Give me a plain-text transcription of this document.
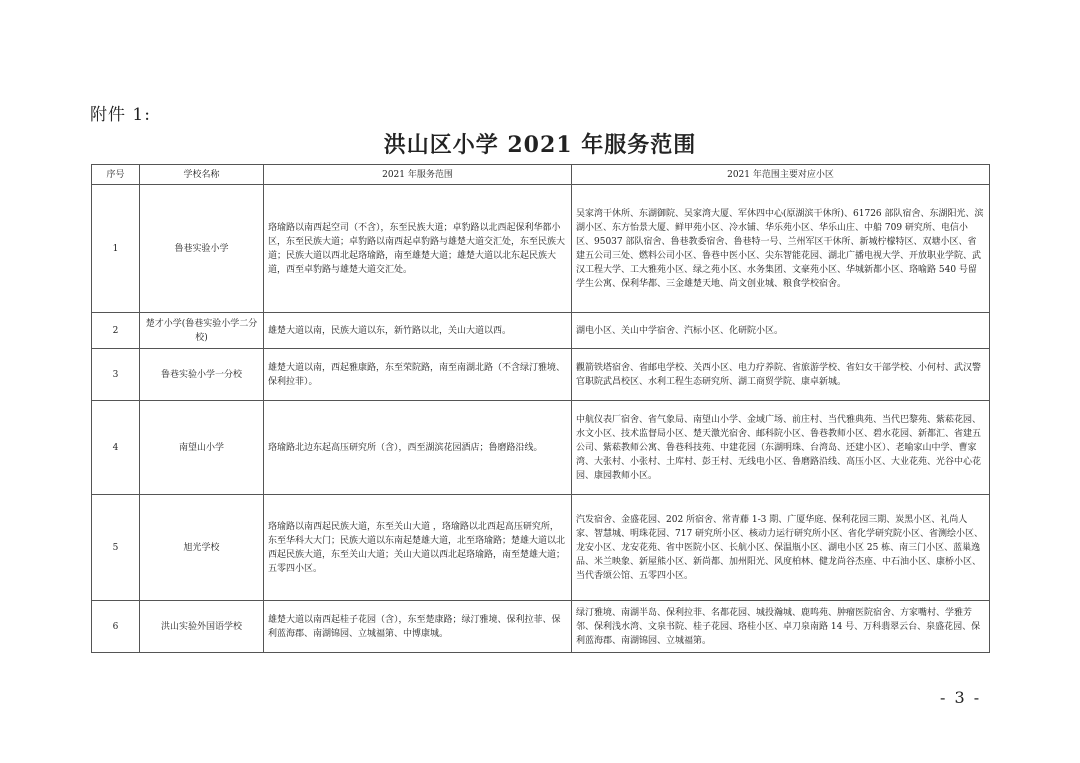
附件 1:
洪山区小学 2021 年服务范围
序号	学校名称	2021 年服务范围	2021 年范围主要对应小区
1	鲁巷实验小学	珞瑜路以南西起空司（不含），东至民族大道；卓豹路以北西起保利华都小区，东至民族大道；卓豹路以南西起卓豹路与雄楚大道交汇处，东至民族大道；民族大道以西北起珞瑜路，南至雄楚大道；雄楚大道以北东起民族大道，西至卓豹路与雄楚大道交汇处。	吴家湾干休所、东湖御院、吴家湾大厦、军休四中心(原湖滨干休所)、61726 部队宿舍、东湖阳光、滨湖小区、东方怡景大厦、鲜甲苑小区、冷水铺、华乐苑小区、华乐山庄、中船 709 研究所、电信小区、95037 部队宿舍、鲁巷教委宿舍、鲁巷特一号、兰州军区干休所、新城柠檬特区、双塘小区、省建五公司三处、燃料公司小区、鲁巷中医小区、尖东智能花园、湖北广播电视大学、开放职业学院、武汉工程大学、工大雅苑小区、绿之苑小区、水务集团、文豪苑小区、华城新都小区、珞喻路 540 号留学生公寓、保利华都、三金雄楚天地、尚文创业城、粮食学校宿舍。
2	楚才小学(鲁巷实验小学二分校)	雄楚大道以南，民族大道以东，新竹路以北，关山大道以西。	湖电小区、关山中学宿舍、汽标小区、化研院小区。
3	鲁巷实验小学一分校	雄楚大道以南，西起雅康路，东至荣院路，南至南湖北路（不含绿汀雅境、保利拉菲）。	觀箭铁塔宿舍、省邮电学校、关西小区、电力疗养院、省旅游学校、省妇女干部学校、小何村、武汉警官职院武昌校区、水利工程生态研究所、湖工商贸学院、康卓新城。
4	南望山小学	珞瑜路北边东起高压研究所（含），西至湖滨花园酒店；鲁磨路沿线。	中航仪表厂宿舍、省气象局、南望山小学、金域广场、前庄村、当代雅典苑、当代巴黎苑、紫菘花园、水文小区、技术监督局小区、楚天激光宿舍、邮科院小区、鲁巷教师小区、碧水花园、新都汇、省建五公司、紫菘教师公寓、鲁巷科技苑、中建花园（东湖明珠、台湾岛、还建小区）、老喻家山中学、曹家湾、大张村、小张村、土库村、彭王村、无线电小区、鲁磨路沿线、高压小区、大业花苑、光谷中心花园、康园教师小区。
5	旭光学校	珞瑜路以南西起民族大道，东至关山大道 ，珞瑜路以北西起高压研究所，东至华科大大门；民族大道以东南起楚雄大道，北至珞瑜路；楚雄大道以北西起民族大道，东至关山大道；关山大道以西北起珞瑜路，南至楚雄大道；五零四小区。	汽发宿舍、金盛花园、202 所宿舍、常青藤 1-3 期、广厦华庭、保利花园三期、炭黑小区、礼尚人家、智慧城、明珠花园、717 研究所小区、核动力运行研究所小区、省化学研究院小区、省测绘小区、龙安小区、龙安花苑、省中医院小区、长航小区、保温瓶小区、湖电小区 25 栋、南三门小区、蓝巢逸品、米兰映象、新屋熊小区、新尚都、加州阳光、风度柏林、健龙尚谷杰座、中石油小区、康桥小区、当代香颂公馆、五零四小区。
6	洪山实验外国语学校	雄楚大道以南西起桂子花园（含），东至楚康路；绿汀雅境、保利拉菲、保利蓝海郡、南湖锦园、立城福第、中博康城。	绿汀雅境、南湖半岛、保利拉菲、名都花园、城投瀚城、鹿鸣苑、肿瘤医院宿舍、方家嘴村、学雅芳邻、保利浅水湾、文泉书院、桂子花园、珞桂小区、卓刀泉南路 14 号、万科翡翠云台、泉盛花园、保利蓝海郡、南湖锦园、立城福第。
- 3 -
